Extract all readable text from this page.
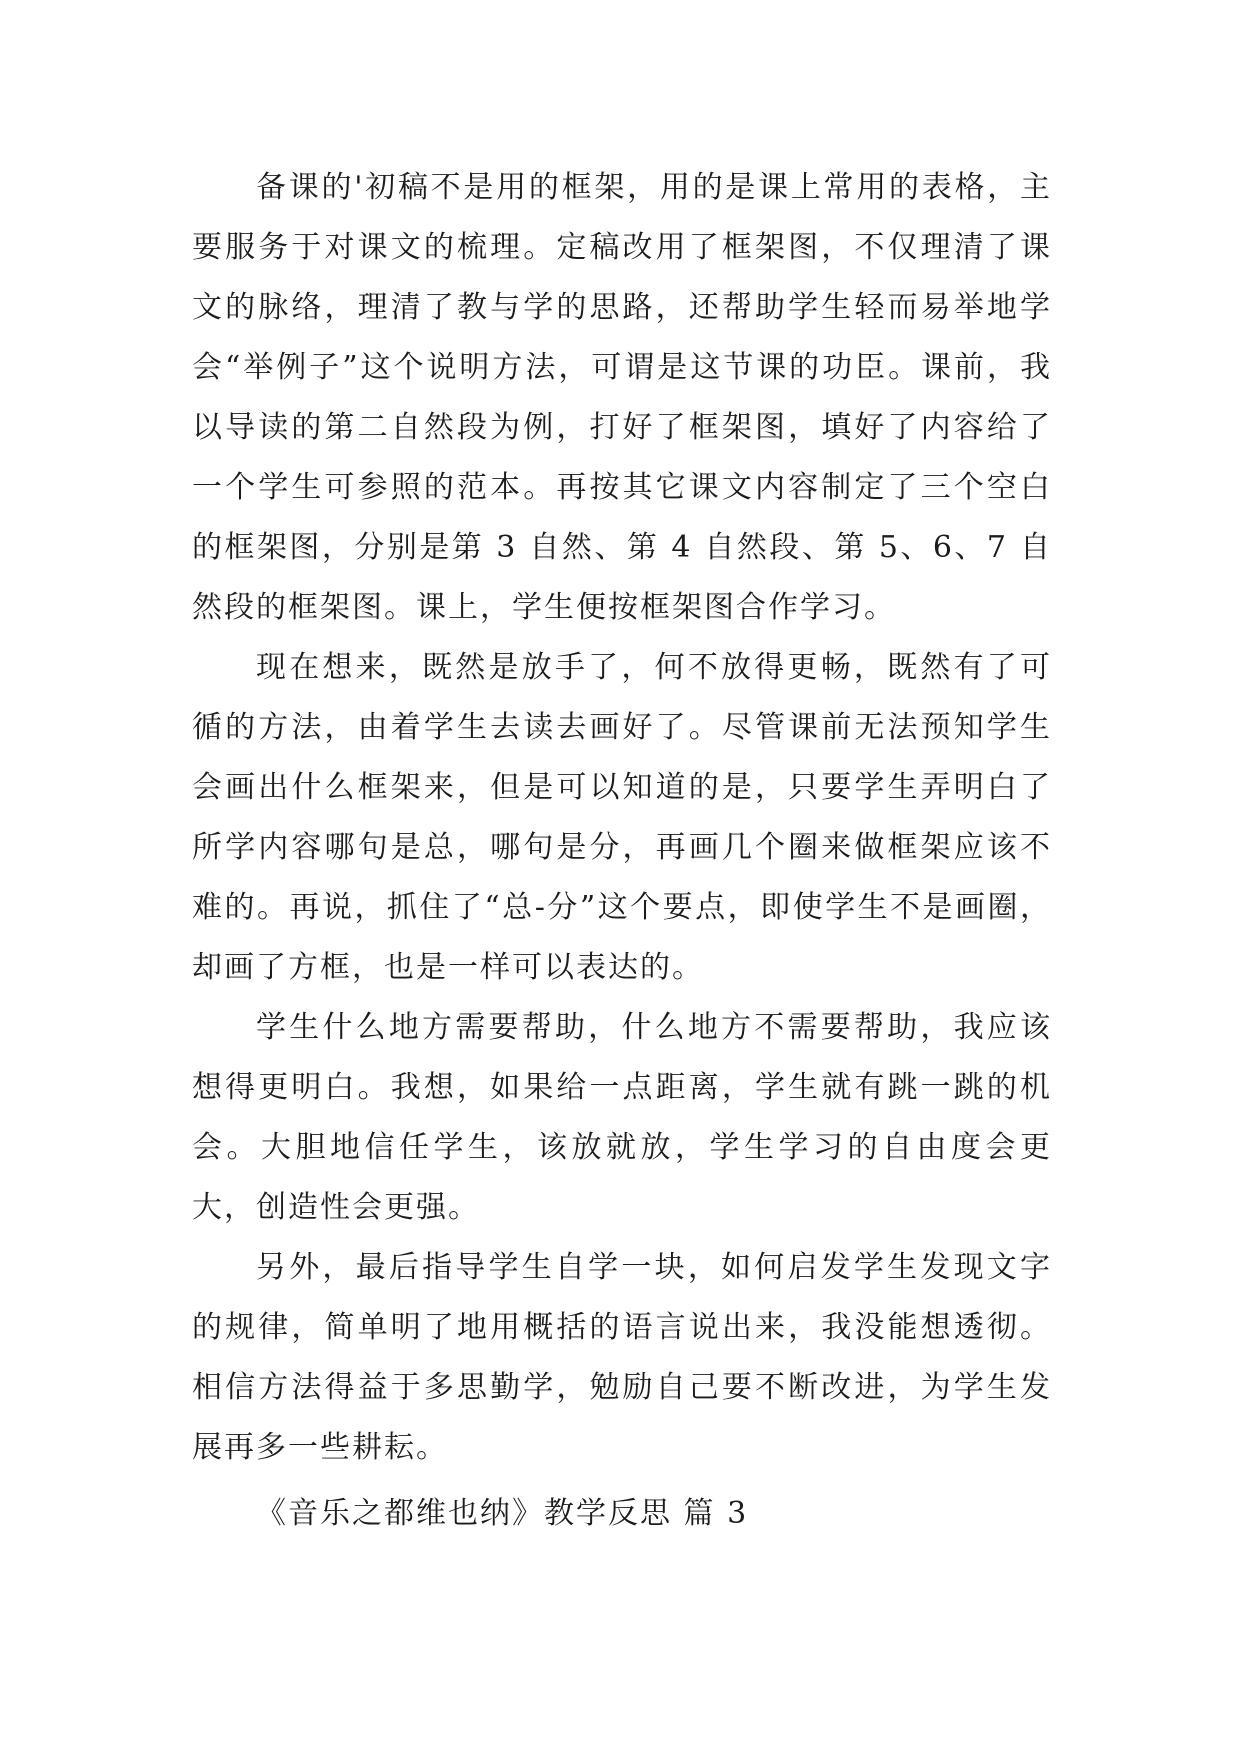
备课的'初稿不是用的框架，用的是课上常用的表格，主要服务于对课文的梳理。定稿改用了框架图，不仅理清了课文的脉络，理清了教与学的思路，还帮助学生轻而易举地学会“举例子”这个说明方法，可谓是这节课的功臣。课前，我以导读的第二自然段为例，打好了框架图，填好了内容给了一个学生可参照的范本。再按其它课文内容制定了三个空白的框架图，分别是第 3 自然、第 4 自然段、第 5、6、7 自然段的框架图。课上，学生便按框架图合作学习。

现在想来，既然是放手了，何不放得更畅，既然有了可循的方法，由着学生去读去画好了。尽管课前无法预知学生会画出什么框架来，但是可以知道的是，只要学生弄明白了所学内容哪句是总，哪句是分，再画几个圈来做框架应该不难的。再说，抓住了“总-分”这个要点，即使学生不是画圈，却画了方框，也是一样可以表达的。

学生什么地方需要帮助，什么地方不需要帮助，我应该想得更明白。我想，如果给一点距离，学生就有跳一跳的机会。大胆地信任学生，该放就放，学生学习的自由度会更大，创造性会更强。

另外，最后指导学生自学一块，如何启发学生发现文字的规律，简单明了地用概括的语言说出来，我没能想透彻。相信方法得益于多思勤学，勉励自己要不断改进，为学生发展再多一些耕耘。

《音乐之都维也纳》教学反思 篇 3
